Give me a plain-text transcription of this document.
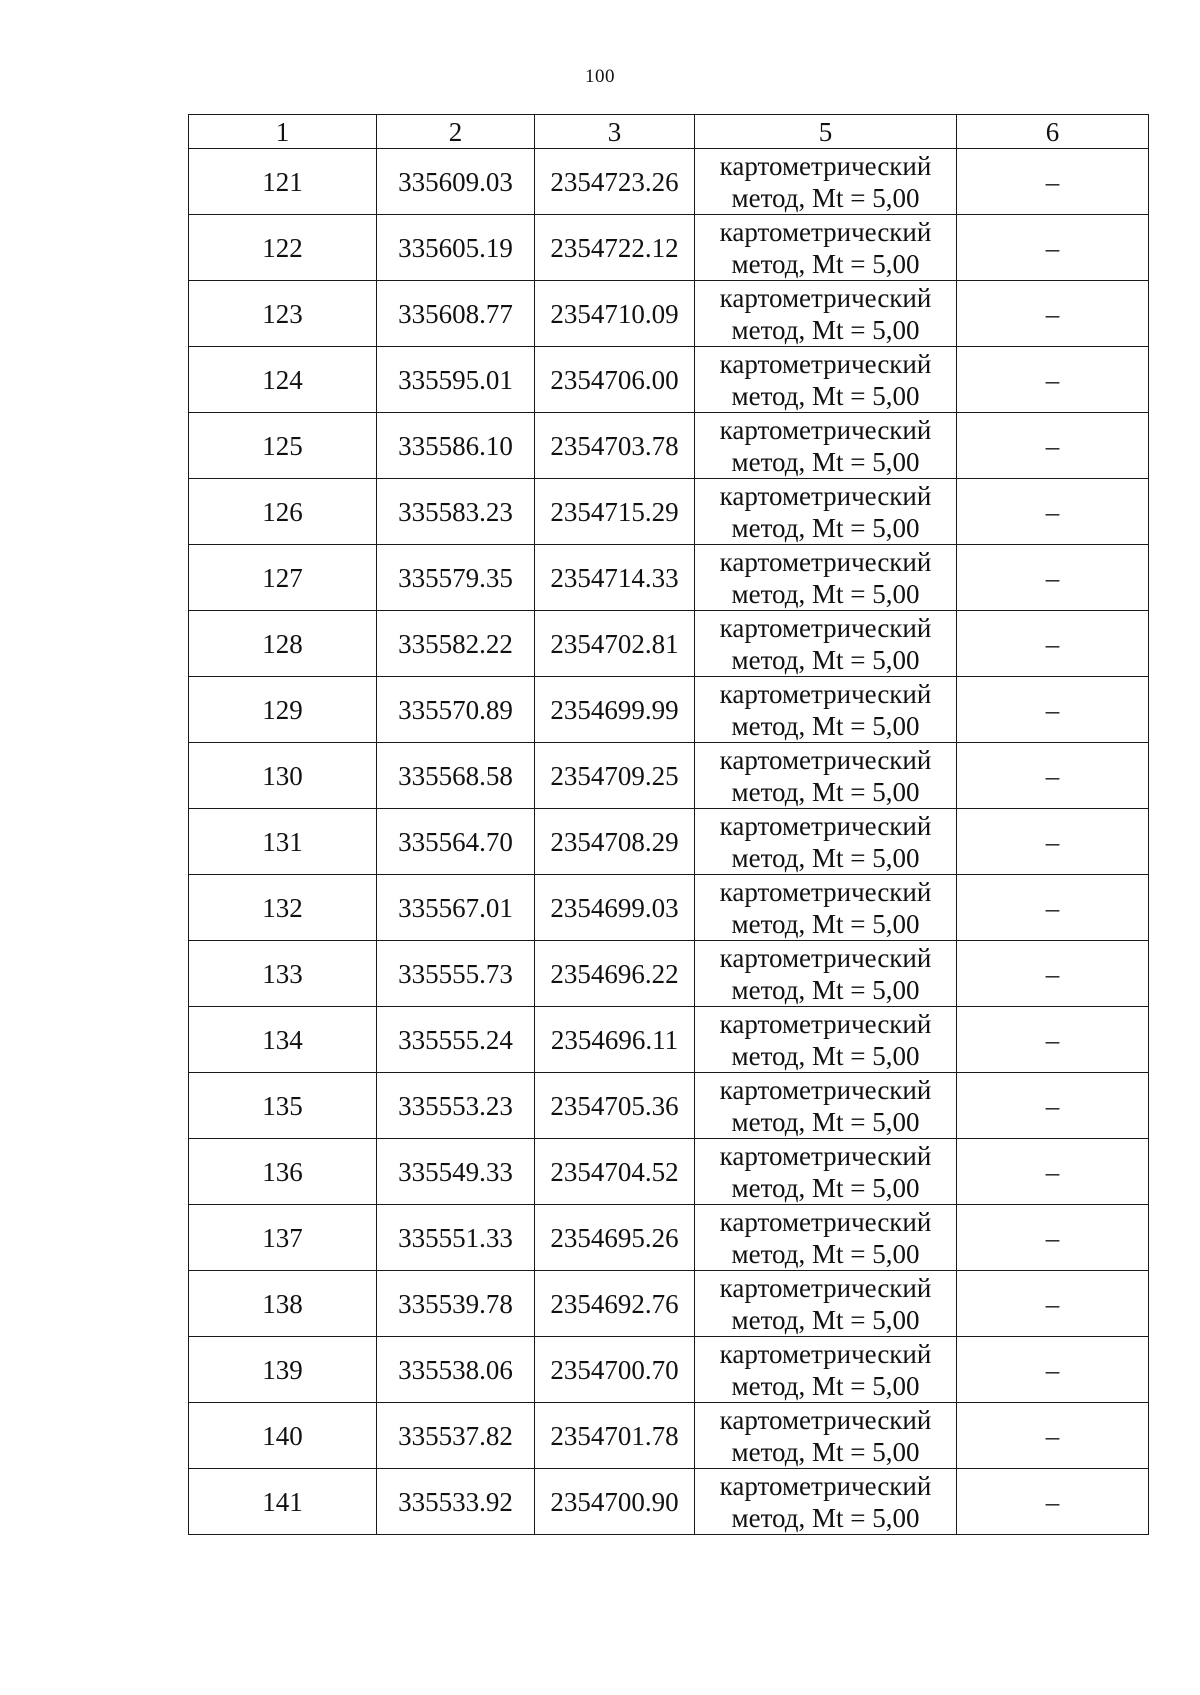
100
1	2	3	5	6
121	335609.03	2354723.26	картометрический
метод, Mt = 5,00	–
122	335605.19	2354722.12	картометрический
метод, Mt = 5,00	–
123	335608.77	2354710.09	картометрический
метод, Mt = 5,00	–
124	335595.01	2354706.00	картометрический
метод, Mt = 5,00	–
125	335586.10	2354703.78	картометрический
метод, Mt = 5,00	–
126	335583.23	2354715.29	картометрический
метод, Mt = 5,00	–
127	335579.35	2354714.33	картометрический
метод, Mt = 5,00	–
128	335582.22	2354702.81	картометрический
метод, Mt = 5,00	–
129	335570.89	2354699.99	картометрический
метод, Mt = 5,00	–
130	335568.58	2354709.25	картометрический
метод, Mt = 5,00	–
131	335564.70	2354708.29	картометрический
метод, Mt = 5,00	–
132	335567.01	2354699.03	картометрический
метод, Mt = 5,00	–
133	335555.73	2354696.22	картометрический
метод, Mt = 5,00	–
134	335555.24	2354696.11	картометрический
метод, Mt = 5,00	–
135	335553.23	2354705.36	картометрический
метод, Mt = 5,00	–
136	335549.33	2354704.52	картометрический
метод, Mt = 5,00	–
137	335551.33	2354695.26	картометрический
метод, Mt = 5,00	–
138	335539.78	2354692.76	картометрический
метод, Mt = 5,00	–
139	335538.06	2354700.70	картометрический
метод, Mt = 5,00	–
140	335537.82	2354701.78	картометрический
метод, Mt = 5,00	–
141	335533.92	2354700.90	картометрический
метод, Mt = 5,00	–
